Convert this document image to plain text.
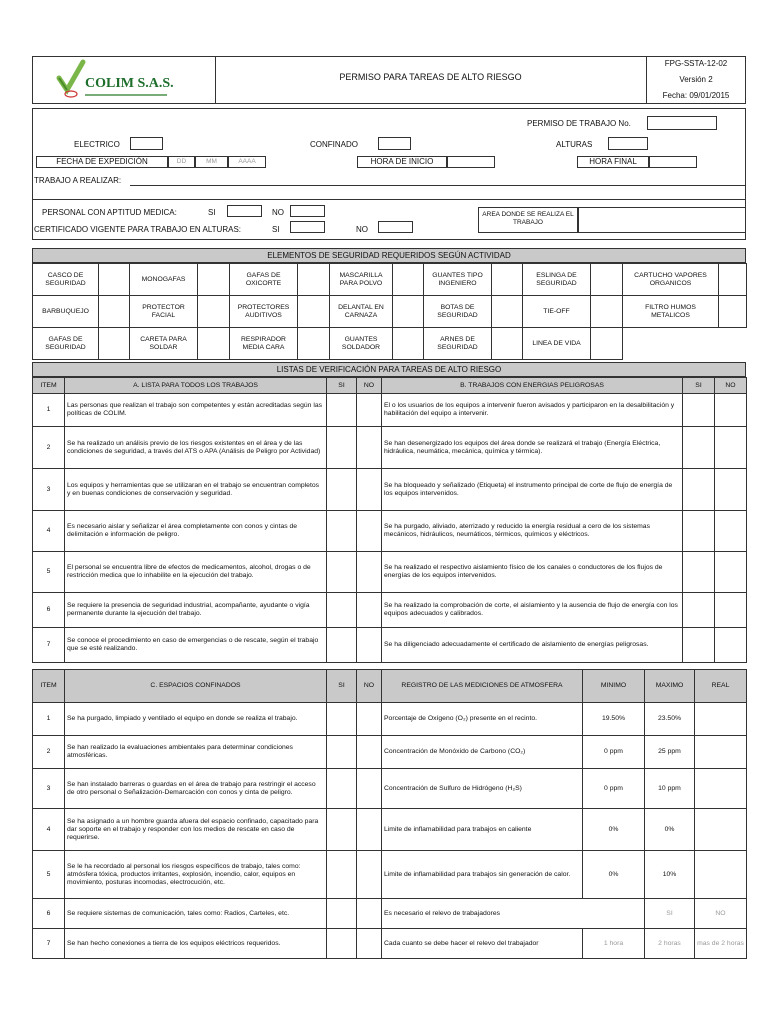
COLIM S.A.S.	PERMISO PARA TAREAS DE ALTO RIESGO
FPG-SSTA-12-02
Versión 2
Fecha: 09/01/2015
PERMISO DE TRABAJO No.
ELECTRICO	CONFINADO	ALTURAS
FECHA DE EXPEDICIÓN	DD	MM	AAAA	HORA DE INICIO	HORA FINAL
TRABAJO A REALIZAR:
PERSONAL CON APTITUD MEDICA:	SI	NO
CERTIFICADO VIGENTE PARA TRABAJO EN ALTURAS:	SI	NO
AREA DONDE SE REALIZA EL TRABAJO
ELEMENTOS DE SEGURIDAD REQUERIDOS SEGÚN ACTIVIDAD
CASCO DE SEGURIDAD		MONOGAFAS		GAFAS DE OXICORTE		MASCARILLA PARA POLVO		GUANTES TIPO INGENIERO		ESLINGA DE SEGURIDAD		CARTUCHO VAPORES ORGANICOS	
BARBUQUEJO		PROTECTOR FACIAL		PROTECTORES AUDITIVOS		DELANTAL EN CARNAZA		BOTAS DE SEGURIDAD		TIE-OFF		FILTRO HUMOS METALICOS	
GAFAS DE SEGURIDAD		CARETA PARA SOLDAR		RESPIRADOR MEDIA CARA		GUANTES SOLDADOR		ARNES DE SEGURIDAD		LINEA DE VIDA			
LISTAS DE VERIFICACIÓN PARA TAREAS DE ALTO RIESGO
ITEM	A. LISTA PARA TODOS LOS TRABAJOS	SI	NO	B. TRABAJOS CON ENERGIAS PELIGROSAS	SI	NO
1	Las personas que realizan el trabajo son competentes y están acreditadas según las políticas de COLIM.			El o los usuarios de los equipos a intervenir fueron avisados y participaron en la desalbilitación y habilitación del equipo a intervenir.		
2	Se ha realizado un análisis previo de los riesgos existentes en el área y de las condiciones de seguridad, a través del ATS o APA (Análisis de Peligro por Actividad)			Se han desenergizado los equipos del área donde se realizará el trabajo (Energía Eléctrica, hidráulica, neumática, mecánica, química y térmica).		
3	Los equipos y herramientas que se utilizaran en el trabajo se encuentran completos y en buenas condiciones de conservación y seguridad.			Se ha bloqueado y señalizado (Etiqueta) el instrumento principal de corte de flujo de energía de los equipos intervenidos.		
4	Es necesario aislar y señalizar el área completamente con conos y cintas de delimitación e información de peligro.			Se ha purgado, aliviado, aterrizado y reducido la energía residual a cero de los sistemas mecánicos, hidráulicos, neumáticos, térmicos, químicos y eléctricos.		
5	El personal se encuentra libre de efectos de medicamentos, alcohol, drogas o de restricción medica que lo inhabilite en la ejecución del trabajo.			Se ha realizado el respectivo aislamiento físico de los canales o conductores de los flujos de energías de los equipos intervenidos.		
6	Se requiere la presencia de seguridad industrial, acompañante, ayudante o vigía permanente durante la ejecución del trabajo.			Se ha realizado la comprobación de corte, el aislamiento y la ausencia de flujo de energía con los equipos adecuados y calibrados.		
7	Se conoce el procedimiento en caso de emergencias o de rescate, según el trabajo que se esté realizando.			Se ha diligenciado adecuadamente el certificado de aislamiento de energías peligrosas.		
ITEM	C. ESPACIOS CONFINADOS	SI	NO	REGISTRO DE LAS MEDICIONES DE ATMOSFERA	MINIMO	MAXIMO	REAL
1	Se ha purgado, limpiado y ventilado el equipo en donde se realiza el trabajo.			Porcentaje de Oxígeno (O₂) presente en el recinto.	19.50%	23.50%	
2	Se han realizado la evaluaciones ambientales para determinar condiciones atmosféricas.			Concentración de Monóxido de Carbono (CO₂)	0 ppm	25 ppm	
3	Se han instalado barreras o guardas en el área de trabajo para restringir el acceso de otro personal o Señalización-Demarcación con conos y cinta de peligro.			Concentración de Sulfuro de Hidrógeno (H₂S)	0 ppm	10 ppm	
4	Se ha asignado a un hombre guarda afuera del espacio confinado, capacitado para dar soporte en el trabajo y responder con los medios de rescate en caso de requerirse.			Limite de inflamabilidad para trabajos en caliente	0%	0%	
5	Se le ha recordado al personal los riesgos específicos de trabajo, tales como: atmósfera tóxica, productos irritantes, explosión, incendio, calor, equipos en movimiento, posturas incomodas, electrocución, etc.			Limite de inflamabilidad para trabajos sin generación de calor.	0%	10%	
6	Se requiere sistemas de comunicación, tales como: Radios, Carteles, etc.			Es necesario el relevo de trabajadores		SI	NO
7	Se han hecho conexiones a tierra de los equipos eléctricos requeridos.			Cada cuanto se debe hacer el relevo del trabajador	1 hora	2 horas	mas de 2 horas
